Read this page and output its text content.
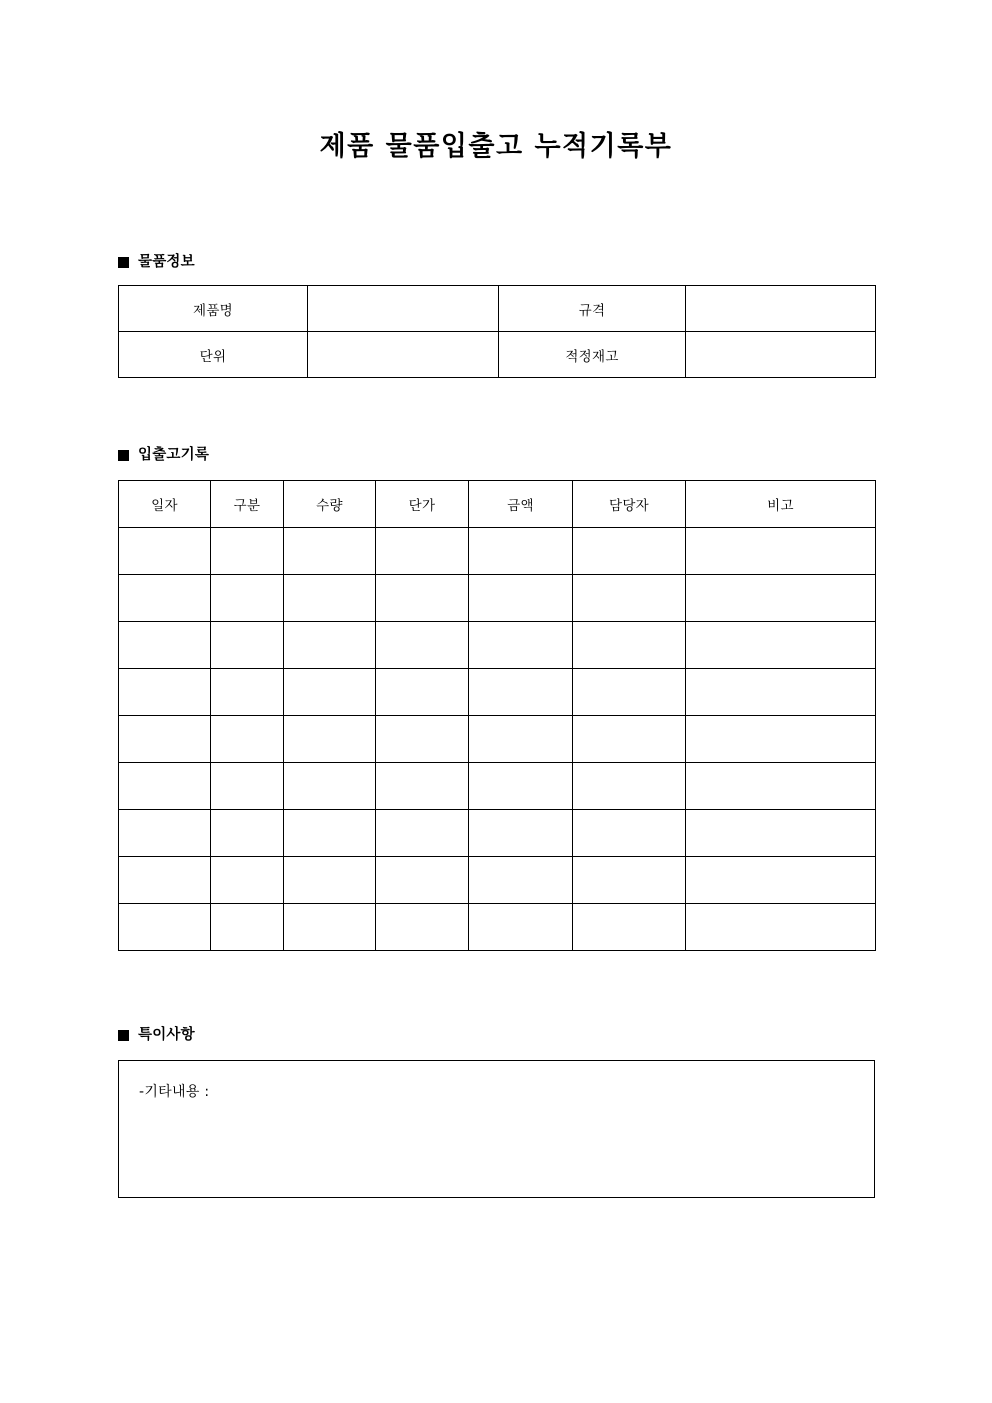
제품 물품입출고 누적기록부
물품정보
제품명		규격	
단위		적정재고	
입출고기록
일자	구분	수량	단가	금액	담당자	비고

특이사항
-기타내용 :
